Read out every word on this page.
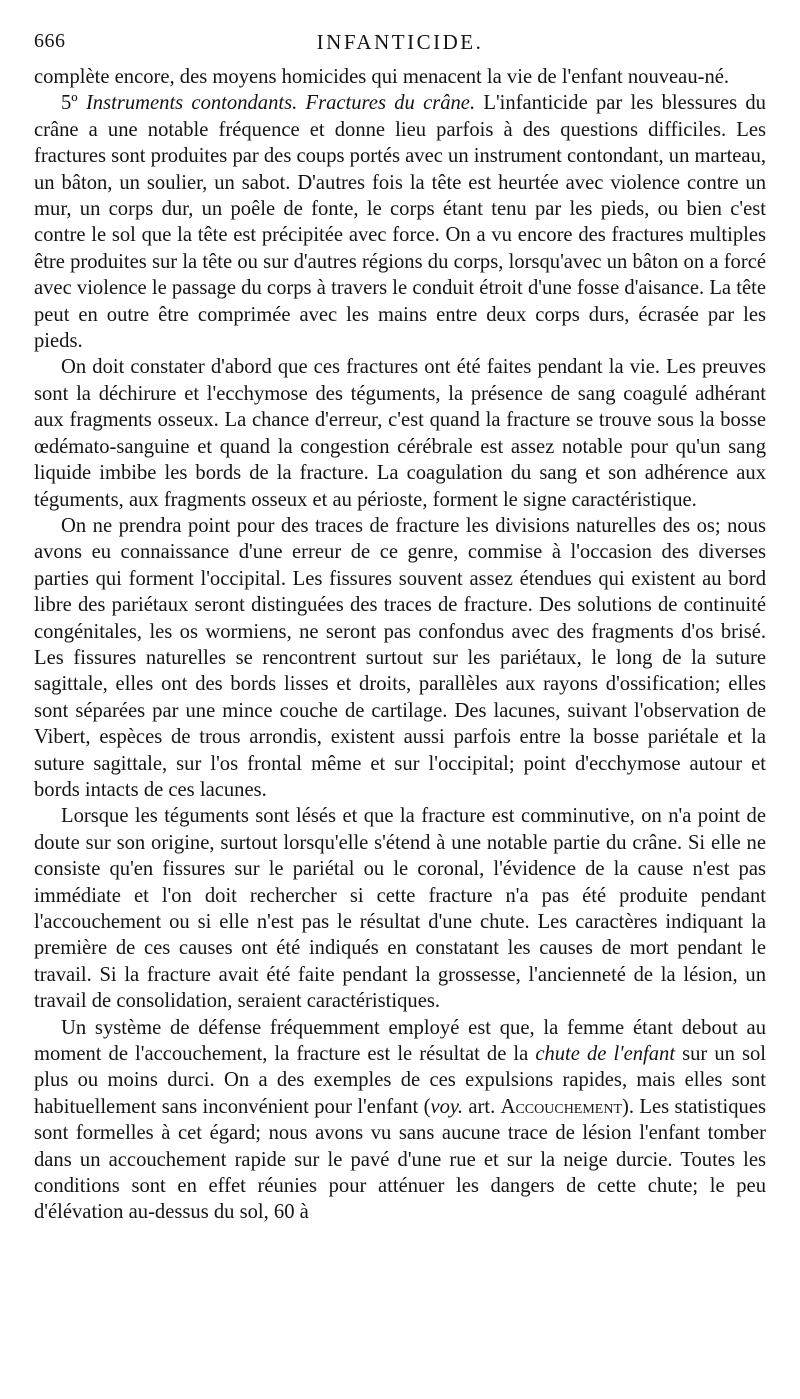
666	INFANTICIDE.

complète encore, des moyens homicides qui menacent la vie de l'enfant nouveau-né.

5º Instruments contondants. Fractures du crâne. L'infanticide par les blessures du crâne a une notable fréquence et donne lieu parfois à des questions difficiles. Les fractures sont produites par des coups portés avec un instrument contondant, un marteau, un bâton, un soulier, un sabot. D'autres fois la tête est heurtée avec violence contre un mur, un corps dur, un poêle de fonte, le corps étant tenu par les pieds, ou bien c'est contre le sol que la tête est précipitée avec force. On a vu encore des fractures multiples être produites sur la tête ou sur d'autres régions du corps, lorsqu'avec un bâton on a forcé avec violence le passage du corps à travers le conduit étroit d'une fosse d'aisance. La tête peut en outre être comprimée avec les mains entre deux corps durs, écrasée par les pieds.

On doit constater d'abord que ces fractures ont été faites pendant la vie. Les preuves sont la déchirure et l'ecchymose des téguments, la présence de sang coagulé adhérant aux fragments osseux. La chance d'erreur, c'est quand la fracture se trouve sous la bosse œdémato-sanguine et quand la congestion cérébrale est assez notable pour qu'un sang liquide imbibe les bords de la fracture. La coagulation du sang et son adhérence aux téguments, aux fragments osseux et au périoste, forment le signe caractéristique.

On ne prendra point pour des traces de fracture les divisions naturelles des os; nous avons eu connaissance d'une erreur de ce genre, commise à l'occasion des diverses parties qui forment l'occipital. Les fissures souvent assez étendues qui existent au bord libre des pariétaux seront distinguées des traces de fracture. Des solutions de continuité congénitales, les os wormiens, ne seront pas confondus avec des fragments d'os brisé. Les fissures naturelles se rencontrent surtout sur les pariétaux, le long de la suture sagittale, elles ont des bords lisses et droits, parallèles aux rayons d'ossification; elles sont séparées par une mince couche de cartilage. Des lacunes, suivant l'observation de Vibert, espèces de trous arrondis, existent aussi parfois entre la bosse pariétale et la suture sagittale, sur l'os frontal même et sur l'occipital; point d'ecchymose autour et bords intacts de ces lacunes.

Lorsque les téguments sont lésés et que la fracture est comminutive, on n'a point de doute sur son origine, surtout lorsqu'elle s'étend à une notable partie du crâne. Si elle ne consiste qu'en fissures sur le pariétal ou le coronal, l'évidence de la cause n'est pas immédiate et l'on doit rechercher si cette fracture n'a pas été produite pendant l'accouchement ou si elle n'est pas le résultat d'une chute. Les caractères indiquant la première de ces causes ont été indiqués en constatant les causes de mort pendant le travail. Si la fracture avait été faite pendant la grossesse, l'ancienneté de la lésion, un travail de consolidation, seraient caractéristiques.

Un système de défense fréquemment employé est que, la femme étant debout au moment de l'accouchement, la fracture est le résultat de la chute de l'enfant sur un sol plus ou moins durci. On a des exemples de ces expulsions rapides, mais elles sont habituellement sans inconvénient pour l'enfant (voy. art. Accouchement). Les statistiques sont formelles à cet égard; nous avons vu sans aucune trace de lésion l'enfant tomber dans un accouchement rapide sur le pavé d'une rue et sur la neige durcie. Toutes les conditions sont en effet réunies pour atténuer les dangers de cette chute; le peu d'élévation au-dessus du sol, 60 à
